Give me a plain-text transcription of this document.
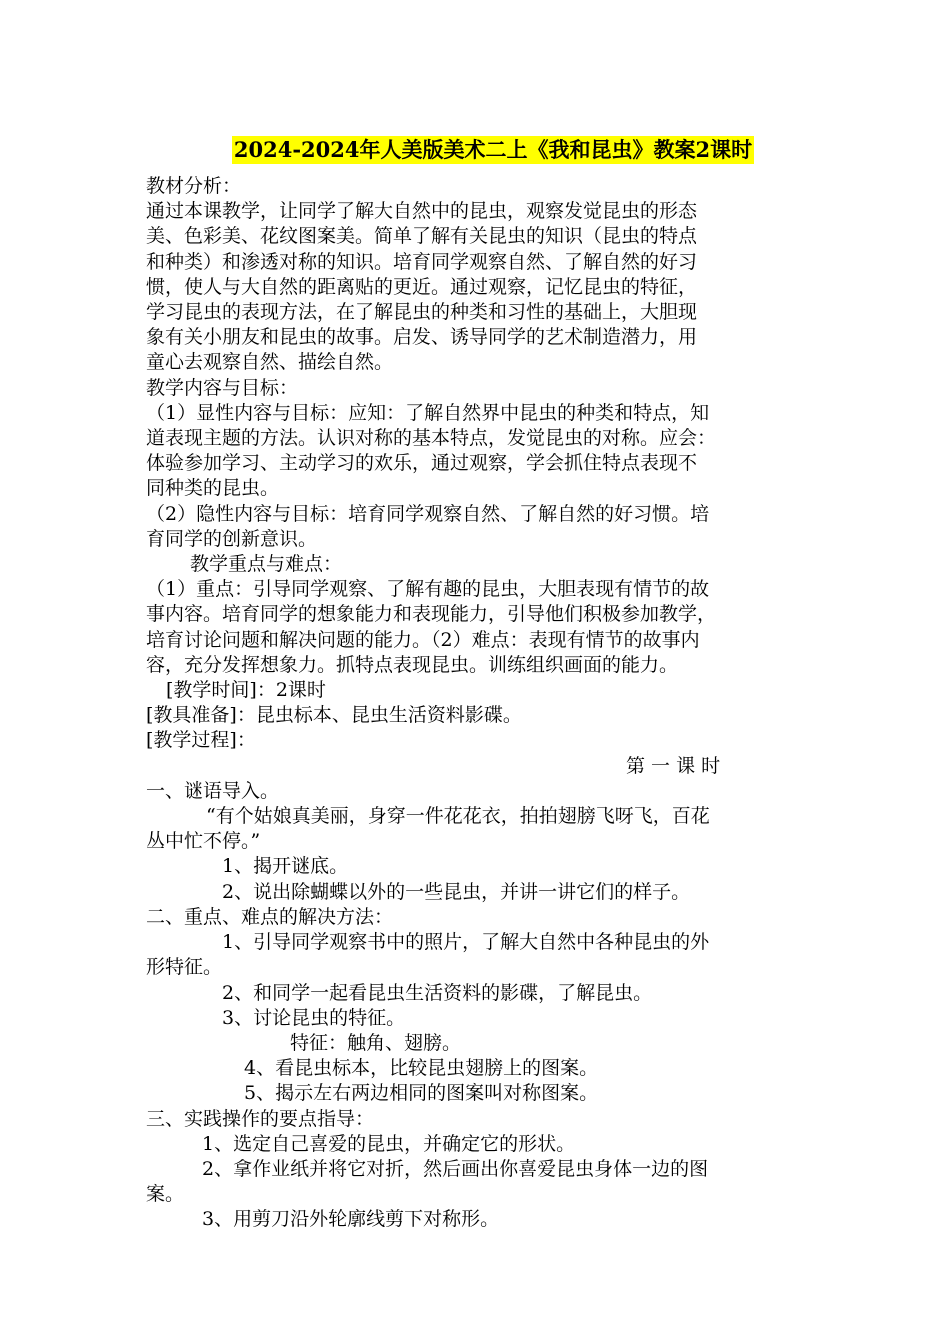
2024-2024年人美版美术二上《我和昆虫》教案2课时

教材分析：

通过本课教学，让同学了解大自然中的昆虫，观察发觉昆虫的形态

美、色彩美、花纹图案美。简单了解有关昆虫的知识（昆虫的特点

和种类）和渗透对称的知识。培育同学观察自然、了解自然的好习

惯，使人与大自然的距离贴的更近。通过观察，记忆昆虫的特征，

学习昆虫的表现方法，在了解昆虫的种类和习性的基础上，大胆现

象有关小朋友和昆虫的故事。启发、诱导同学的艺术制造潜力，用

童心去观察自然、描绘自然。

教学内容与目标：

（1）显性内容与目标：应知：了解自然界中昆虫的种类和特点，知

道表现主题的方法。认识对称的基本特点，发觉昆虫的对称。应会：

体验参加学习、主动学习的欢乐，通过观察，学会抓住特点表现不

同种类的昆虫。

（2）隐性内容与目标：培育同学观察自然、了解自然的好习惯。培

育同学的创新意识。

教学重点与难点：

（1）重点：引导同学观察、了解有趣的昆虫，大胆表现有情节的故

事内容。培育同学的想象能力和表现能力，引导他们积极参加教学，

培育讨论问题和解决问题的能力。（2）难点：表现有情节的故事内

容，充分发挥想象力。抓特点表现昆虫。训练组织画面的能力。

[教学时间]：2课时

[教具准备]：昆虫标本、昆虫生活资料影碟。

[教学过程]：

第 一 课 时

一、谜语导入。

“有个姑娘真美丽，身穿一件花花衣，拍拍翅膀飞呀飞，百花

丛中忙不停。”

1、揭开谜底。

2、说出除蝴蝶以外的一些昆虫，并讲一讲它们的样子。

二、重点、难点的解决方法：

1、引导同学观察书中的照片，了解大自然中各种昆虫的外

形特征。

2、和同学一起看昆虫生活资料的影碟，了解昆虫。

3、讨论昆虫的特征。

特征：触角、翅膀。

4、看昆虫标本，比较昆虫翅膀上的图案。

5、揭示左右两边相同的图案叫对称图案。

三、实践操作的要点指导：

1、选定自己喜爱的昆虫，并确定它的形状。

2、拿作业纸并将它对折，然后画出你喜爱昆虫身体一边的图

案。

3、用剪刀沿外轮廓线剪下对称形。
